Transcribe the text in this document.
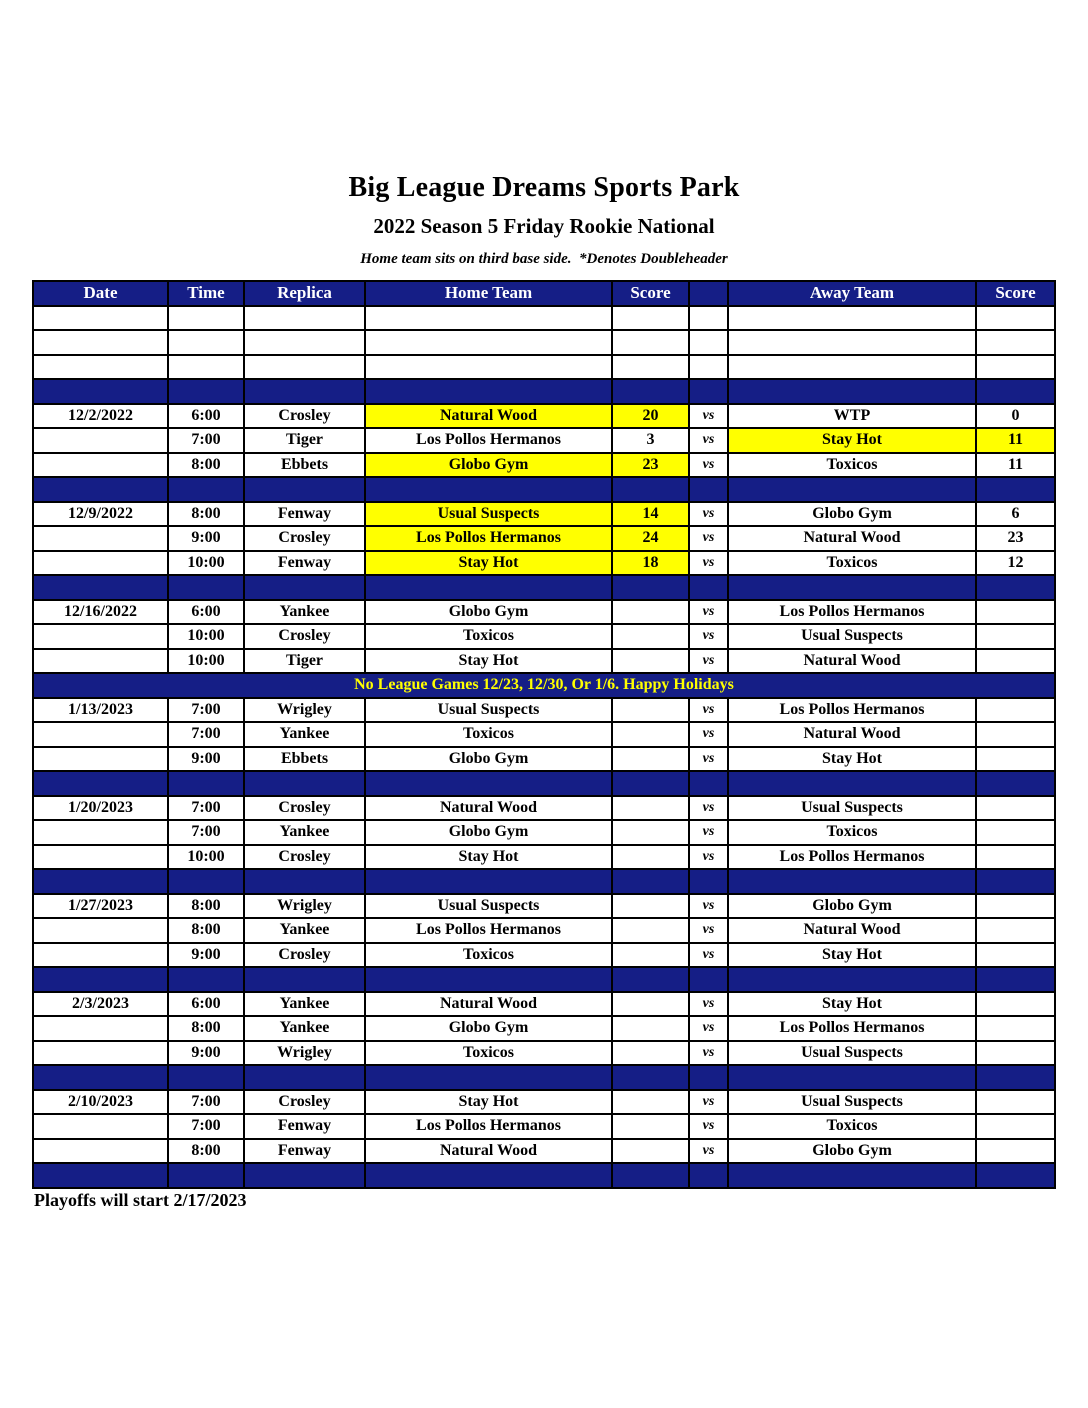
Big League Dreams Sports Park
2022 Season 5 Friday Rookie National
Home team sits on third base side.  *Denotes Doubleheader
Date	Time	Replica	Home Team	Score		Away Team	Score

12/2/2022	6:00	Crosley	Natural Wood	20	vs	WTP	0
	7:00	Tiger	Los Pollos Hermanos	3	vs	Stay Hot	11
	8:00	Ebbets	Globo Gym	23	vs	Toxicos	11

12/9/2022	8:00	Fenway	Usual Suspects	14	vs	Globo Gym	6
	9:00	Crosley	Los Pollos Hermanos	24	vs	Natural Wood	23
	10:00	Fenway	Stay Hot	18	vs	Toxicos	12

12/16/2022	6:00	Yankee	Globo Gym		vs	Los Pollos Hermanos	
	10:00	Crosley	Toxicos		vs	Usual Suspects	
	10:00	Tiger	Stay Hot		vs	Natural Wood	
No League Games 12/23, 12/30, Or 1/6. Happy Holidays							
1/13/2023	7:00	Wrigley	Usual Suspects		vs	Los Pollos Hermanos	
	7:00	Yankee	Toxicos		vs	Natural Wood	
	9:00	Ebbets	Globo Gym		vs	Stay Hot	

1/20/2023	7:00	Crosley	Natural Wood		vs	Usual Suspects	
	7:00	Yankee	Globo Gym		vs	Toxicos	
	10:00	Crosley	Stay Hot		vs	Los Pollos Hermanos	

1/27/2023	8:00	Wrigley	Usual Suspects		vs	Globo Gym	
	8:00	Yankee	Los Pollos Hermanos		vs	Natural Wood	
	9:00	Crosley	Toxicos		vs	Stay Hot	

2/3/2023	6:00	Yankee	Natural Wood		vs	Stay Hot	
	8:00	Yankee	Globo Gym		vs	Los Pollos Hermanos	
	9:00	Wrigley	Toxicos		vs	Usual Suspects	

2/10/2023	7:00	Crosley	Stay Hot		vs	Usual Suspects	
	7:00	Fenway	Los Pollos Hermanos		vs	Toxicos	
	8:00	Fenway	Natural Wood		vs	Globo Gym	

Playoffs will start 2/17/2023
